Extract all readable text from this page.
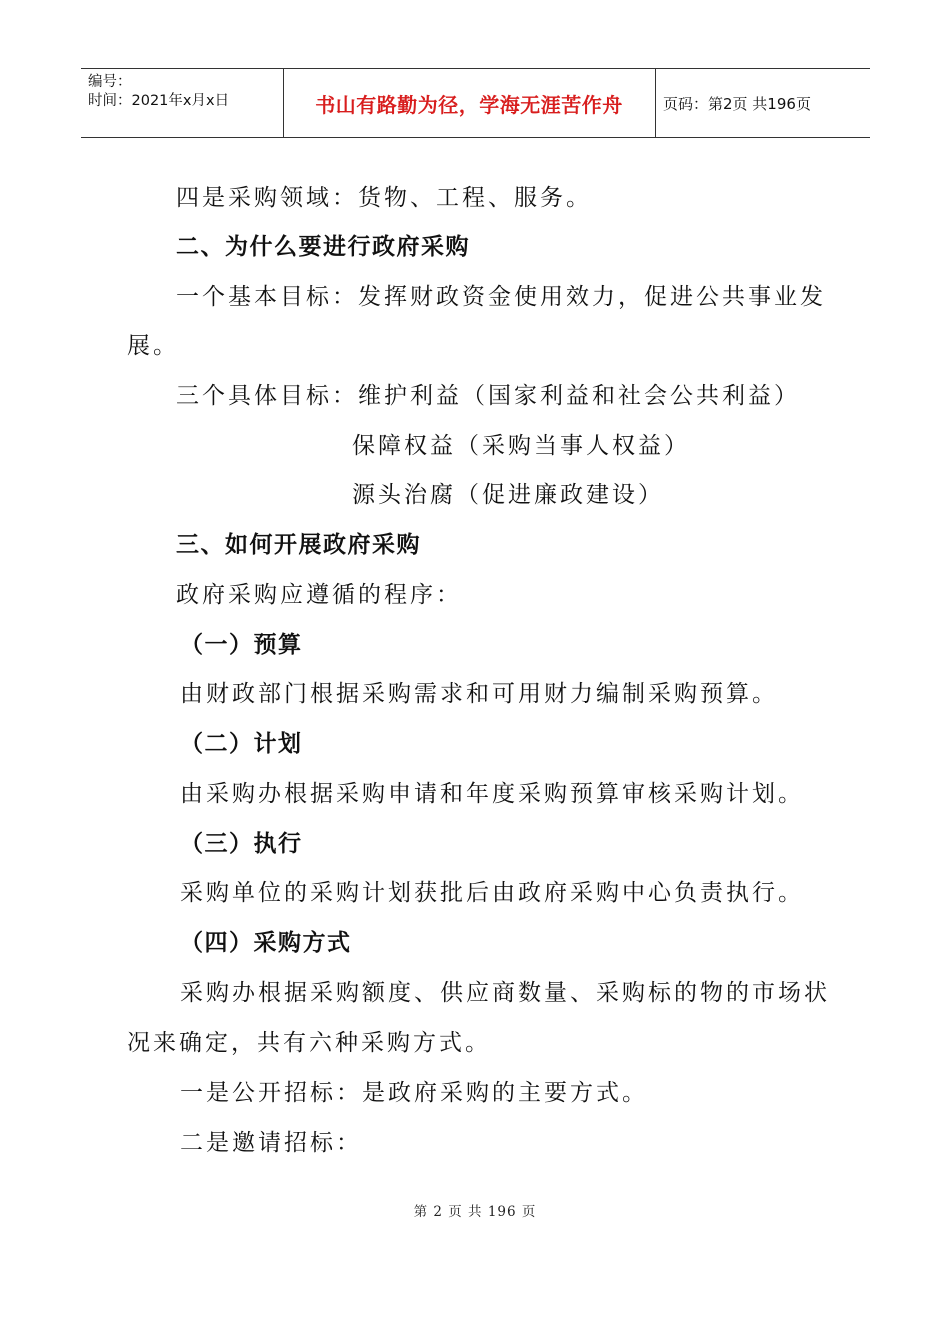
编号：
时间：2021年x月x日	书山有路勤为径，学海无涯苦作舟	页码：第2页 共196页
四是采购领域：货物、工程、服务。
二、为什么要进行政府采购
一个基本目标：发挥财政资金使用效力，促进公共事业发
展。
三个具体目标：维护利益（国家利益和社会公共利益）
保障权益（采购当事人权益）
源头治腐（促进廉政建设）
三、如何开展政府采购
政府采购应遵循的程序：
（一）预算
由财政部门根据采购需求和可用财力编制采购预算。
（二）计划
由采购办根据采购申请和年度采购预算审核采购计划。
（三）执行
采购单位的采购计划获批后由政府采购中心负责执行。
（四）采购方式
采购办根据采购额度、供应商数量、采购标的物的市场状
况来确定，共有六种采购方式。
一是公开招标：是政府采购的主要方式。
二是邀请招标：
第 2 页 共 196 页
